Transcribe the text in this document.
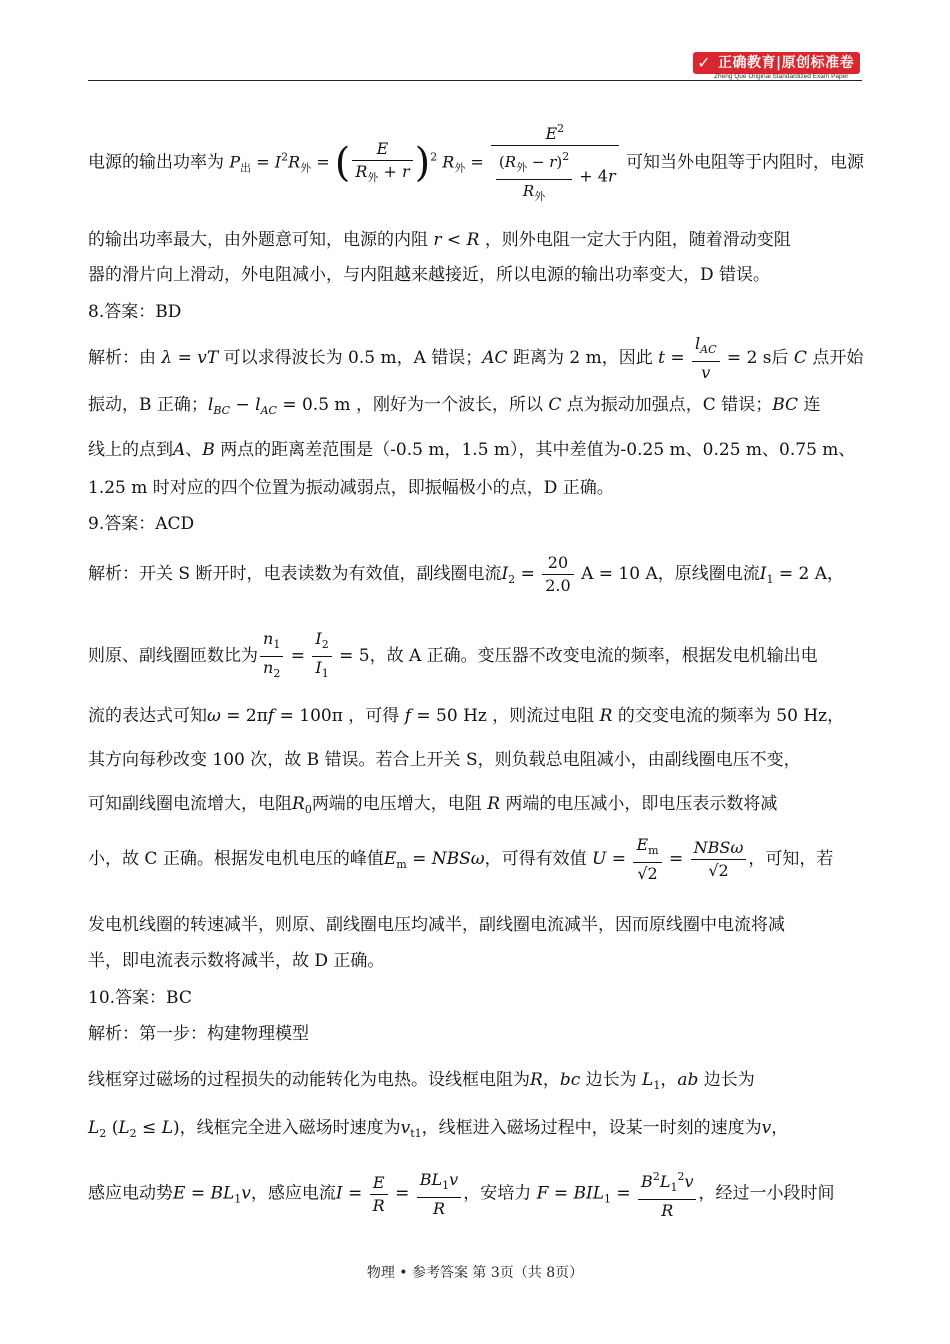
✓ 正确教育|原创标准卷
Zheng Que Original Standardized Exam Paper
电源的输出功率为 $P_出 = I^2R_外$ = ( $\frac{E}{R_外 + r} )^2$ $R_外 = \frac{E^2}{\frac{(R_外 - r)^2}{R_外} + 4r}$ 可知当外电阻等于内阻时，电源
的输出功率最大，由外题意可知，电源的内阻 r < R ，则外电阻一定大于内阻，随着滑动变阻
器的滑片向上滑动，外电阻减小，与内阻越来越接近，所以电源的输出功率变大，D 错误。
8.答案：BD
解析：由 λ = vT 可以求得波长为 0.5 m，A 错误；AC 距离为 2 m，因此 $t = \frac{l_{AC}}{v} = 2$ s后 C 点开始
振动，B 正确；$l_{BC} - l_{AC} = 0.5$ m ，刚好为一个波长，所以 C 点为振动加强点，C 错误；BC 连
线上的点到A、B 两点的距离差范围是（-0.5 m，1.5 m），其中差值为-0.25 m、0.25 m、0.75 m、
1.25 m 时对应的四个位置为振动减弱点，即振幅极小的点，D 正确。
9.答案：ACD
解析：开关 S 断开时，电表读数为有效值，副线圈电流$I_2 = \frac{20}{2.0}$ A = 10 A，原线圈电流$I_1 = 2$ A，
则原、副线圈匝数比为 $\frac{n_1}{n_2} = \frac{I_2}{I_1} = 5$，故 A 正确。变压器不改变电流的频率，根据发电机输出电
流的表达式可知ω = 2πf = 100π ，可得 f = 50 Hz ，则流过电阻 R 的交变电流的频率为 50 Hz，
其方向每秒改变 100 次，故 B 错误。若合上开关 S，则负载总电阻减小，由副线圈电压不变，
可知副线圈电流增大，电阻$R_0$两端的电压增大，电阻 R 两端的电压减小，即电压表示数将减
小，故 C 正确。根据发电机电压的峰值$E_m = NBS\omega$，可得有效值 $U = \frac{E_m}{√2} = \frac{\text{NBSω}}{√2}$ ，可知，若
发电机线圈的转速减半，则原、副线圈电压均减半，副线圈电流减半，因而原线圈中电流将减
半，即电流表示数将减半，故 D 正确。
10.答案：BC
解析：第一步：构建物理模型
线框穿过磁场的过程损失的动能转化为电热。设线框电阻为R，bc 边长为 $L_1$，ab 边长为
$L_2$ $(L_2 \le L)$，线框完全进入磁场时速度为$v_{t1}$，线框进入磁场过程中，设某一时刻的速度为v，
感应电动势$E = BL_1v$，感应电流$I = \frac{E}{R} = \frac{BL_1v}{R}$ ，安培力 $F = BIL_1 = \frac{B^2L_1^2v}{R}$ ，经过一小段时间
物理 • 参考答案 第 3页（共 8页）
